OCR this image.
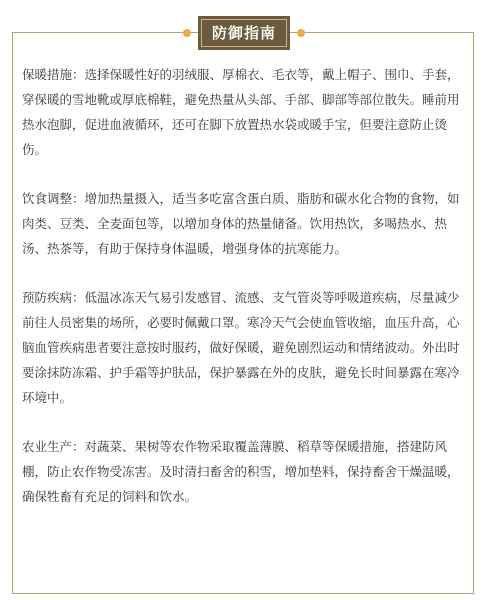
防御指南

保暖措施：选择保暖性好的羽绒服、厚棉衣、毛衣等，戴上帽子、围巾、手套，穿保暖的雪地靴或厚底棉鞋，避免热量从头部、手部、脚部等部位散失。睡前用热水泡脚，促进血液循环，还可在脚下放置热水袋或暖手宝，但要注意防止烫伤。

饮食调整：增加热量摄入，适当多吃富含蛋白质、脂肪和碳水化合物的食物，如肉类、豆类、全麦面包等，以增加身体的热量储备。饮用热饮，多喝热水、热汤、热茶等，有助于保持身体温暖，增强身体的抗寒能力。

预防疾病：低温冰冻天气易引发感冒、流感、支气管炎等呼吸道疾病，尽量减少前往人员密集的场所，必要时佩戴口罩。寒冷天气会使血管收缩，血压升高，心脑血管疾病患者要注意按时服药，做好保暖，避免剧烈运动和情绪波动。外出时要涂抹防冻霜、护手霜等护肤品，保护暴露在外的皮肤，避免长时间暴露在寒冷环境中。

农业生产：对蔬菜、果树等农作物采取覆盖薄膜、稻草等保暖措施，搭建防风棚，防止农作物受冻害。及时清扫畜舍的积雪，增加垫料，保持畜舍干燥温暖，确保牲畜有充足的饲料和饮水。
